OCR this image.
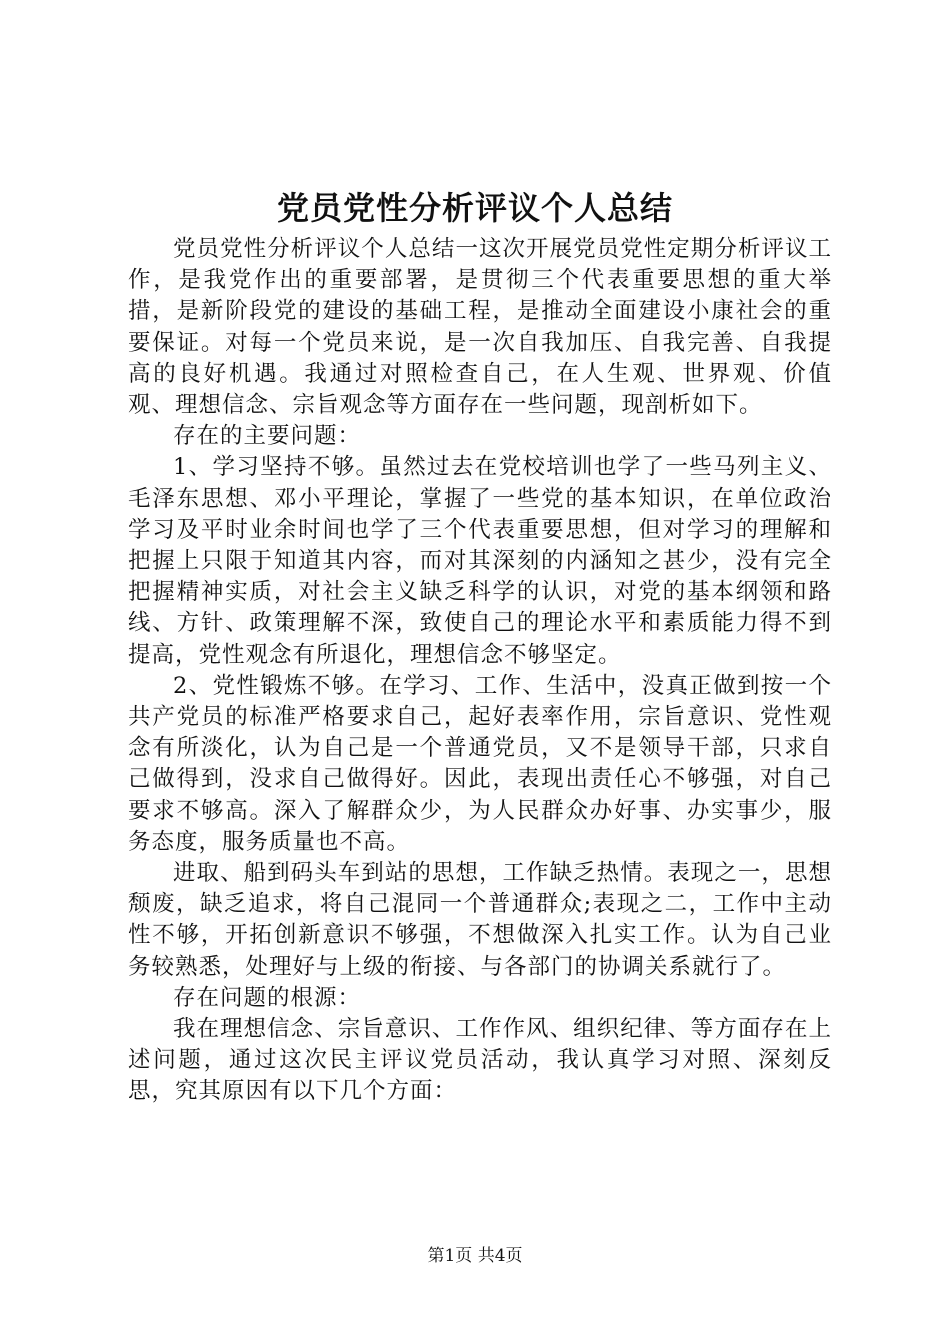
党员党性分析评议个人总结

党员党性分析评议个人总结一这次开展党员党性定期分析评议工作，是我党作出的重要部署，是贯彻三个代表重要思想的重大举措，是新阶段党的建设的基础工程，是推动全面建设小康社会的重要保证。对每一个党员来说，是一次自我加压、自我完善、自我提高的良好机遇。我通过对照检查自己，在人生观、世界观、价值观、理想信念、宗旨观念等方面存在一些问题，现剖析如下。

存在的主要问题：

1、学习坚持不够。虽然过去在党校培训也学了一些马列主义、毛泽东思想、邓小平理论，掌握了一些党的基本知识，在单位政治学习及平时业余时间也学了三个代表重要思想，但对学习的理解和把握上只限于知道其内容，而对其深刻的内涵知之甚少，没有完全把握精神实质，对社会主义缺乏科学的认识，对党的基本纲领和路线、方针、政策理解不深，致使自己的理论水平和素质能力得不到提高，党性观念有所退化，理想信念不够坚定。

2、党性锻炼不够。在学习、工作、生活中，没真正做到按一个共产党员的标准严格要求自己，起好表率作用，宗旨意识、党性观念有所淡化，认为自己是一个普通党员，又不是领导干部，只求自己做得到，没求自己做得好。因此，表现出责任心不够强，对自己要求不够高。深入了解群众少，为人民群众办好事、办实事少，服务态度，服务质量也不高。

进取、船到码头车到站的思想，工作缺乏热情。表现之一，思想颓废，缺乏追求，将自己混同一个普通群众;表现之二，工作中主动性不够，开拓创新意识不够强，不想做深入扎实工作。认为自己业务较熟悉，处理好与上级的衔接、与各部门的协调关系就行了。

存在问题的根源：

我在理想信念、宗旨意识、工作作风、组织纪律、等方面存在上述问题，通过这次民主评议党员活动，我认真学习对照、深刻反思，究其原因有以下几个方面：

第1页 共4页
